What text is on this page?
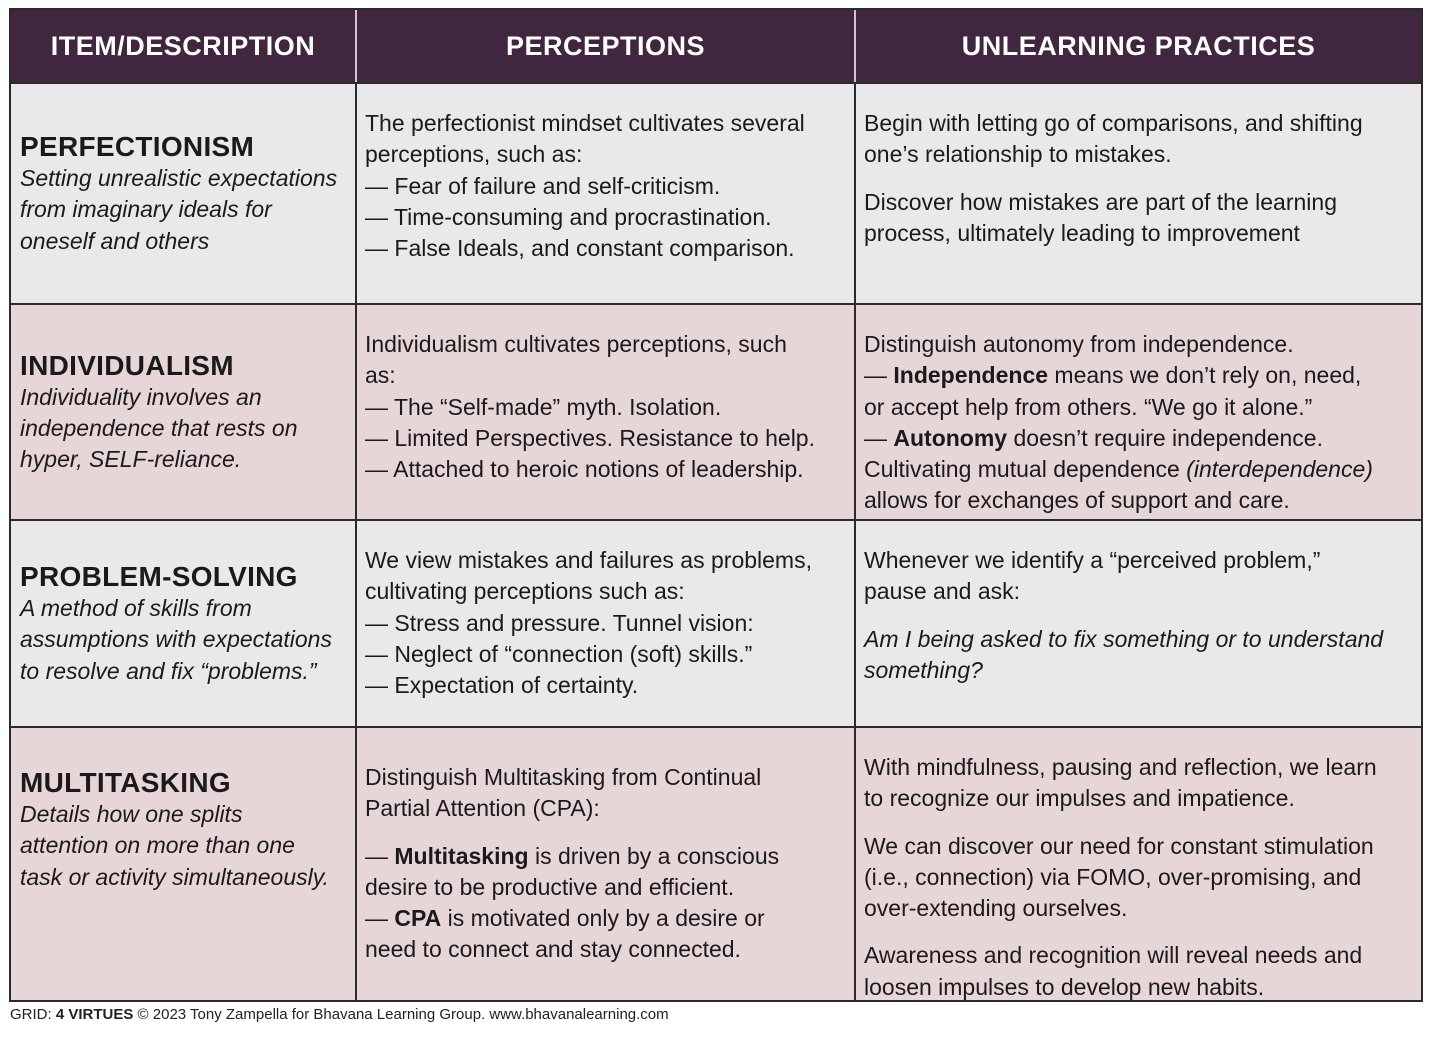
ITEM/DESCRIPTION	PERCEPTIONS	UNLEARNING PRACTICES
PERFECTIONISM
Setting unrealistic expectations
from imaginary ideals for
oneself and others
The perfectionist mindset cultivates several
perceptions, such as:
— Fear of failure and self-criticism.
— Time-consuming and procrastination.
— False Ideals, and constant comparison.
Begin with letting go of comparisons, and shifting
one’s relationship to mistakes.
Discover how mistakes are part of the learning
process, ultimately leading to improvement
INDIVIDUALISM
Individuality involves an
independence that rests on
hyper, SELF-reliance.
Individualism cultivates perceptions, such
as:
— The “Self-made” myth. Isolation.
— Limited Perspectives. Resistance to help.
— Attached to heroic notions of leadership.
Distinguish autonomy from independence.
— Independence means we don’t rely on, need,
or accept help from others. “We go it alone.”
— Autonomy doesn’t require independence.
Cultivating mutual dependence (interdependence)
allows for exchanges of support and care.
PROBLEM-SOLVING
A method of skills from
assumptions with expectations
to resolve and fix “problems.”
We view mistakes and failures as problems,
cultivating perceptions such as:
— Stress and pressure. Tunnel vision:
— Neglect of “connection (soft) skills.”
— Expectation of certainty.
Whenever we identify a “perceived problem,”
pause and ask:
Am I being asked to fix something or to understand
something?
MULTITASKING
Details how one splits
attention on more than one
task or activity simultaneously.
Distinguish Multitasking from Continual
Partial Attention (CPA):
— Multitasking is driven by a conscious
desire to be productive and efficient.
— CPA is motivated only by a desire or
need to connect and stay connected.
With mindfulness, pausing and reflection, we learn
to recognize our impulses and impatience.
We can discover our need for constant stimulation
(i.e., connection) via FOMO, over-promising, and
over-extending ourselves.
Awareness and recognition will reveal needs and
loosen impulses to develop new habits.
GRID: 4 VIRTUES © 2023 Tony Zampella for Bhavana Learning Group. www.bhavanalearning.com
